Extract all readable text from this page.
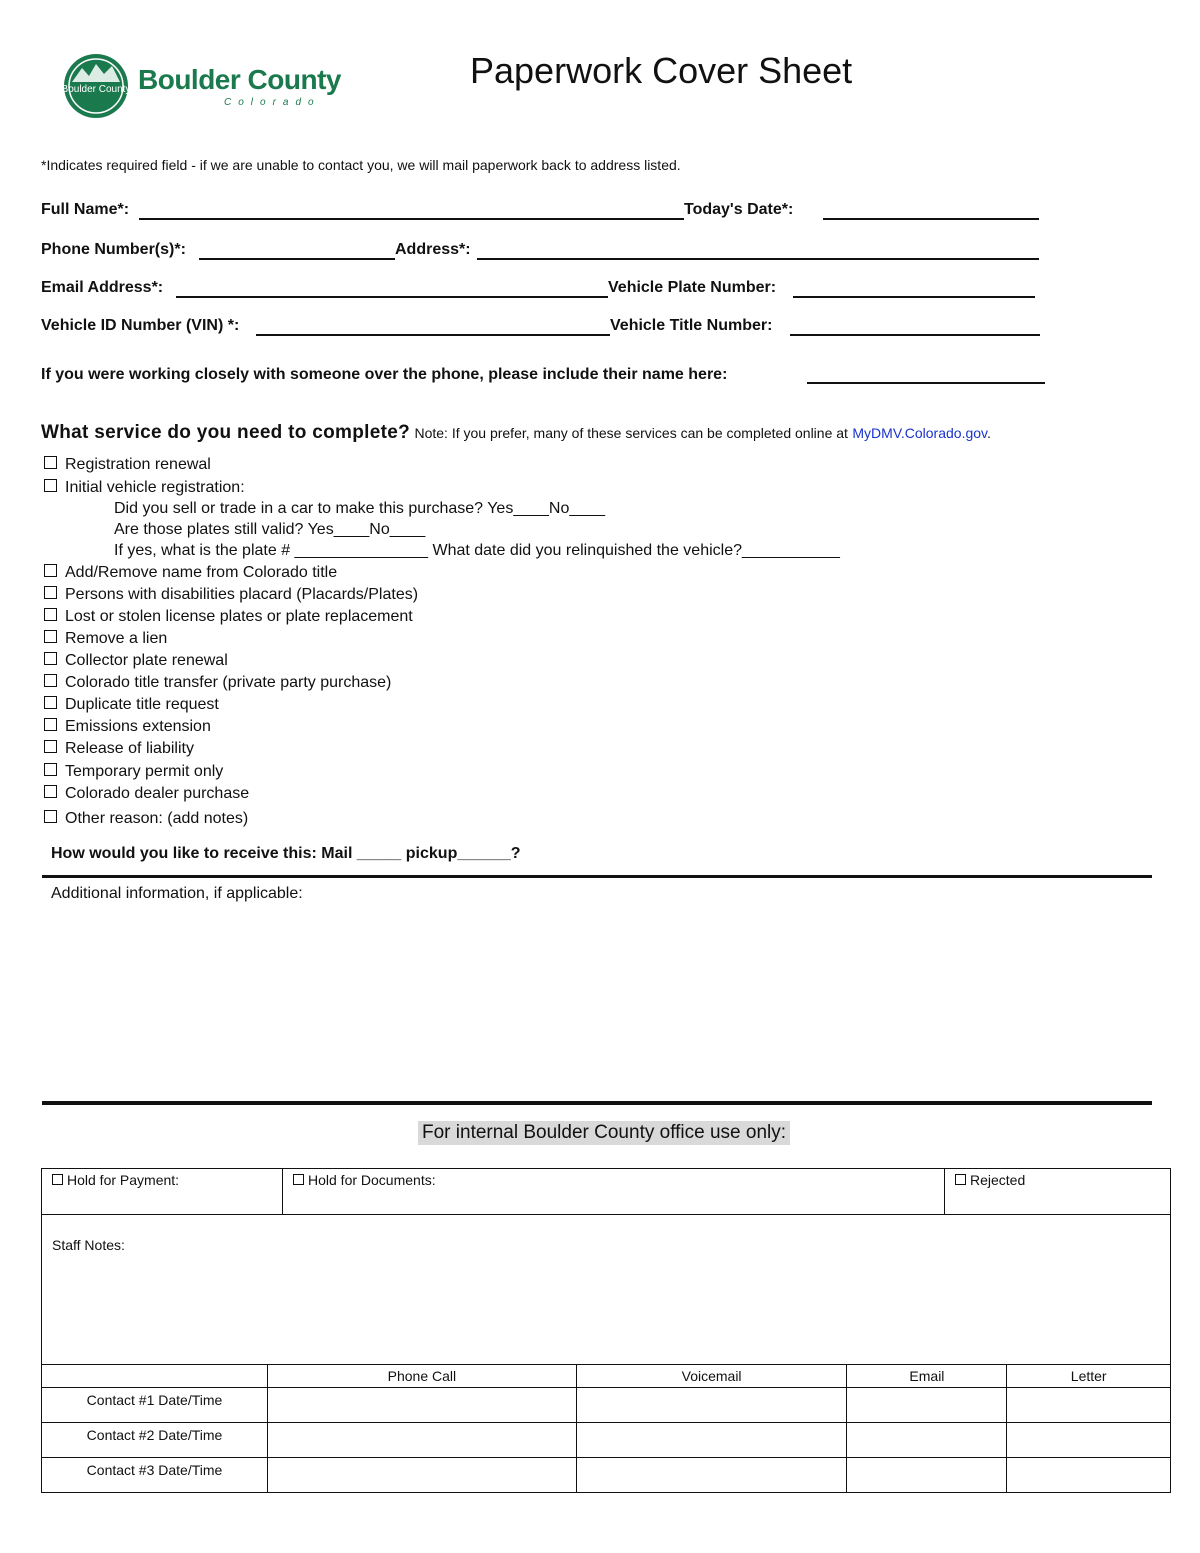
Boulder County Boulder County
Colorado
Paperwork Cover Sheet
*Indicates required field - if we are unable to contact you, we will mail paperwork back to address listed.
Full Name*:	Today's Date*:
Phone Number(s)*:	Address*:
Email Address*:	Vehicle Plate Number:
Vehicle ID Number (VIN) *:	Vehicle Title Number:
If you were working closely with someone over the phone, please include their name here:
What service do you need to complete? Note: If you prefer, many of these services can be completed online at MyDMV.Colorado.gov.
Registration renewal
Initial vehicle registration:
Did you sell or trade in a car to make this purchase? Yes____No____
Are those plates still valid? Yes____No____
If yes, what is the plate # _______________ What date did you relinquished the vehicle?___________
Add/Remove name from Colorado title
Persons with disabilities placard (Placards/Plates)
Lost or stolen license plates or plate replacement
Remove a lien
Collector plate renewal
Colorado title transfer (private party purchase)
Duplicate title request
Emissions extension
Release of liability
Temporary permit only
Colorado dealer purchase
Other reason: (add notes)
How would you like to receive this: Mail _____ pickup______?
Additional information, if applicable:
For internal Boulder County office use only:
Hold for Payment:	Hold for Documents:	Rejected
Staff Notes:
	Phone Call	Voicemail	Email	Letter
Contact #1 Date/Time				
Contact #2 Date/Time				
Contact #3 Date/Time				
